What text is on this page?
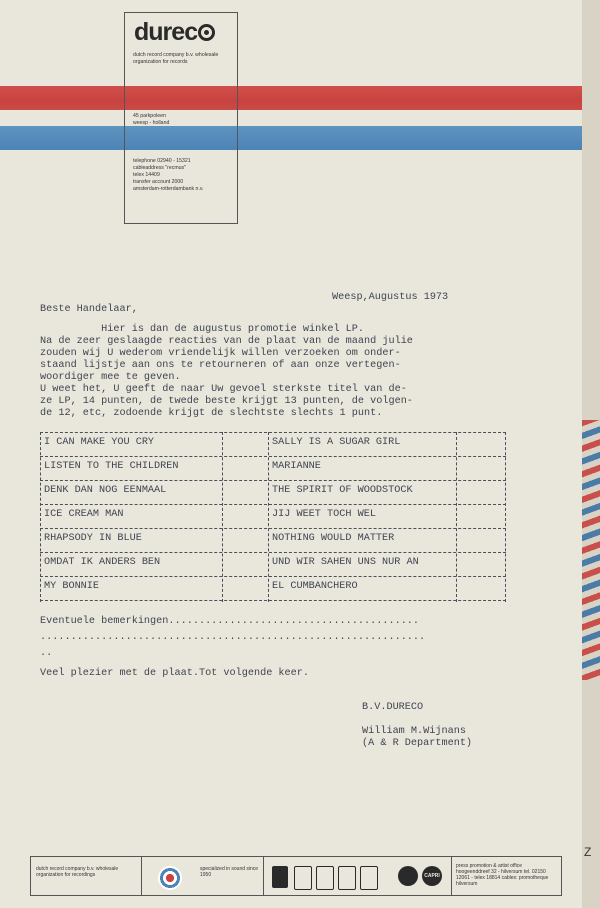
durec
dutch record company b.v. wholesale organization for records
45 parkpoleen
weesp - holland
telephone 02940 - 15321
cableaddress "recmus"
telex 14409
transfer account 2000
amsterdam-rotterdambank n.v.
Weesp,Augustus 1973
Beste Handelaar,
Hier is dan de augustus promotie winkel LP.
Na de zeer geslaagde reacties van de plaat van de maand julie
zouden wij U wederom vriendelijk willen verzoeken om onder-
staand lijstje aan ons te retourneren of aan onze vertegen-
woordiger mee te geven.
U weet het, U geeft de naar Uw gevoel sterkste titel van de-
ze LP, 14 punten, de twede beste krijgt 13 punten, de volgen-
de 12, etc, zodoende krijgt de slechtste slechts 1 punt.
I CAN MAKE YOU CRY
LISTEN TO THE CHILDREN
DENK DAN NOG EENMAAL
ICE CREAM MAN
RHAPSODY IN BLUE
OMDAT IK ANDERS BEN
MY BONNIE
SALLY IS A SUGAR GIRL
MARIANNE
THE SPIRIT OF WOODSTOCK
JIJ WEET TOCH WEL
NOTHING WOULD MATTER
UND WIR SAHEN UNS NUR AN
EL CUMBANCHERO
Eventuele bemerkingen.........................................
...............................................................
..
Veel plezier met de plaat.Tot volgende keer.
B.V.DURECO
William M.Wijnans
(A & R Department)
dutch record company b.v. wholesale organization for recordings
specialized in sound since 1950	CAPRI
press promotion & artist office hoogeenddreef 32 - hilversum tel. 02150 12061 - telex 18814 cables: promotheque hilversum
Z
